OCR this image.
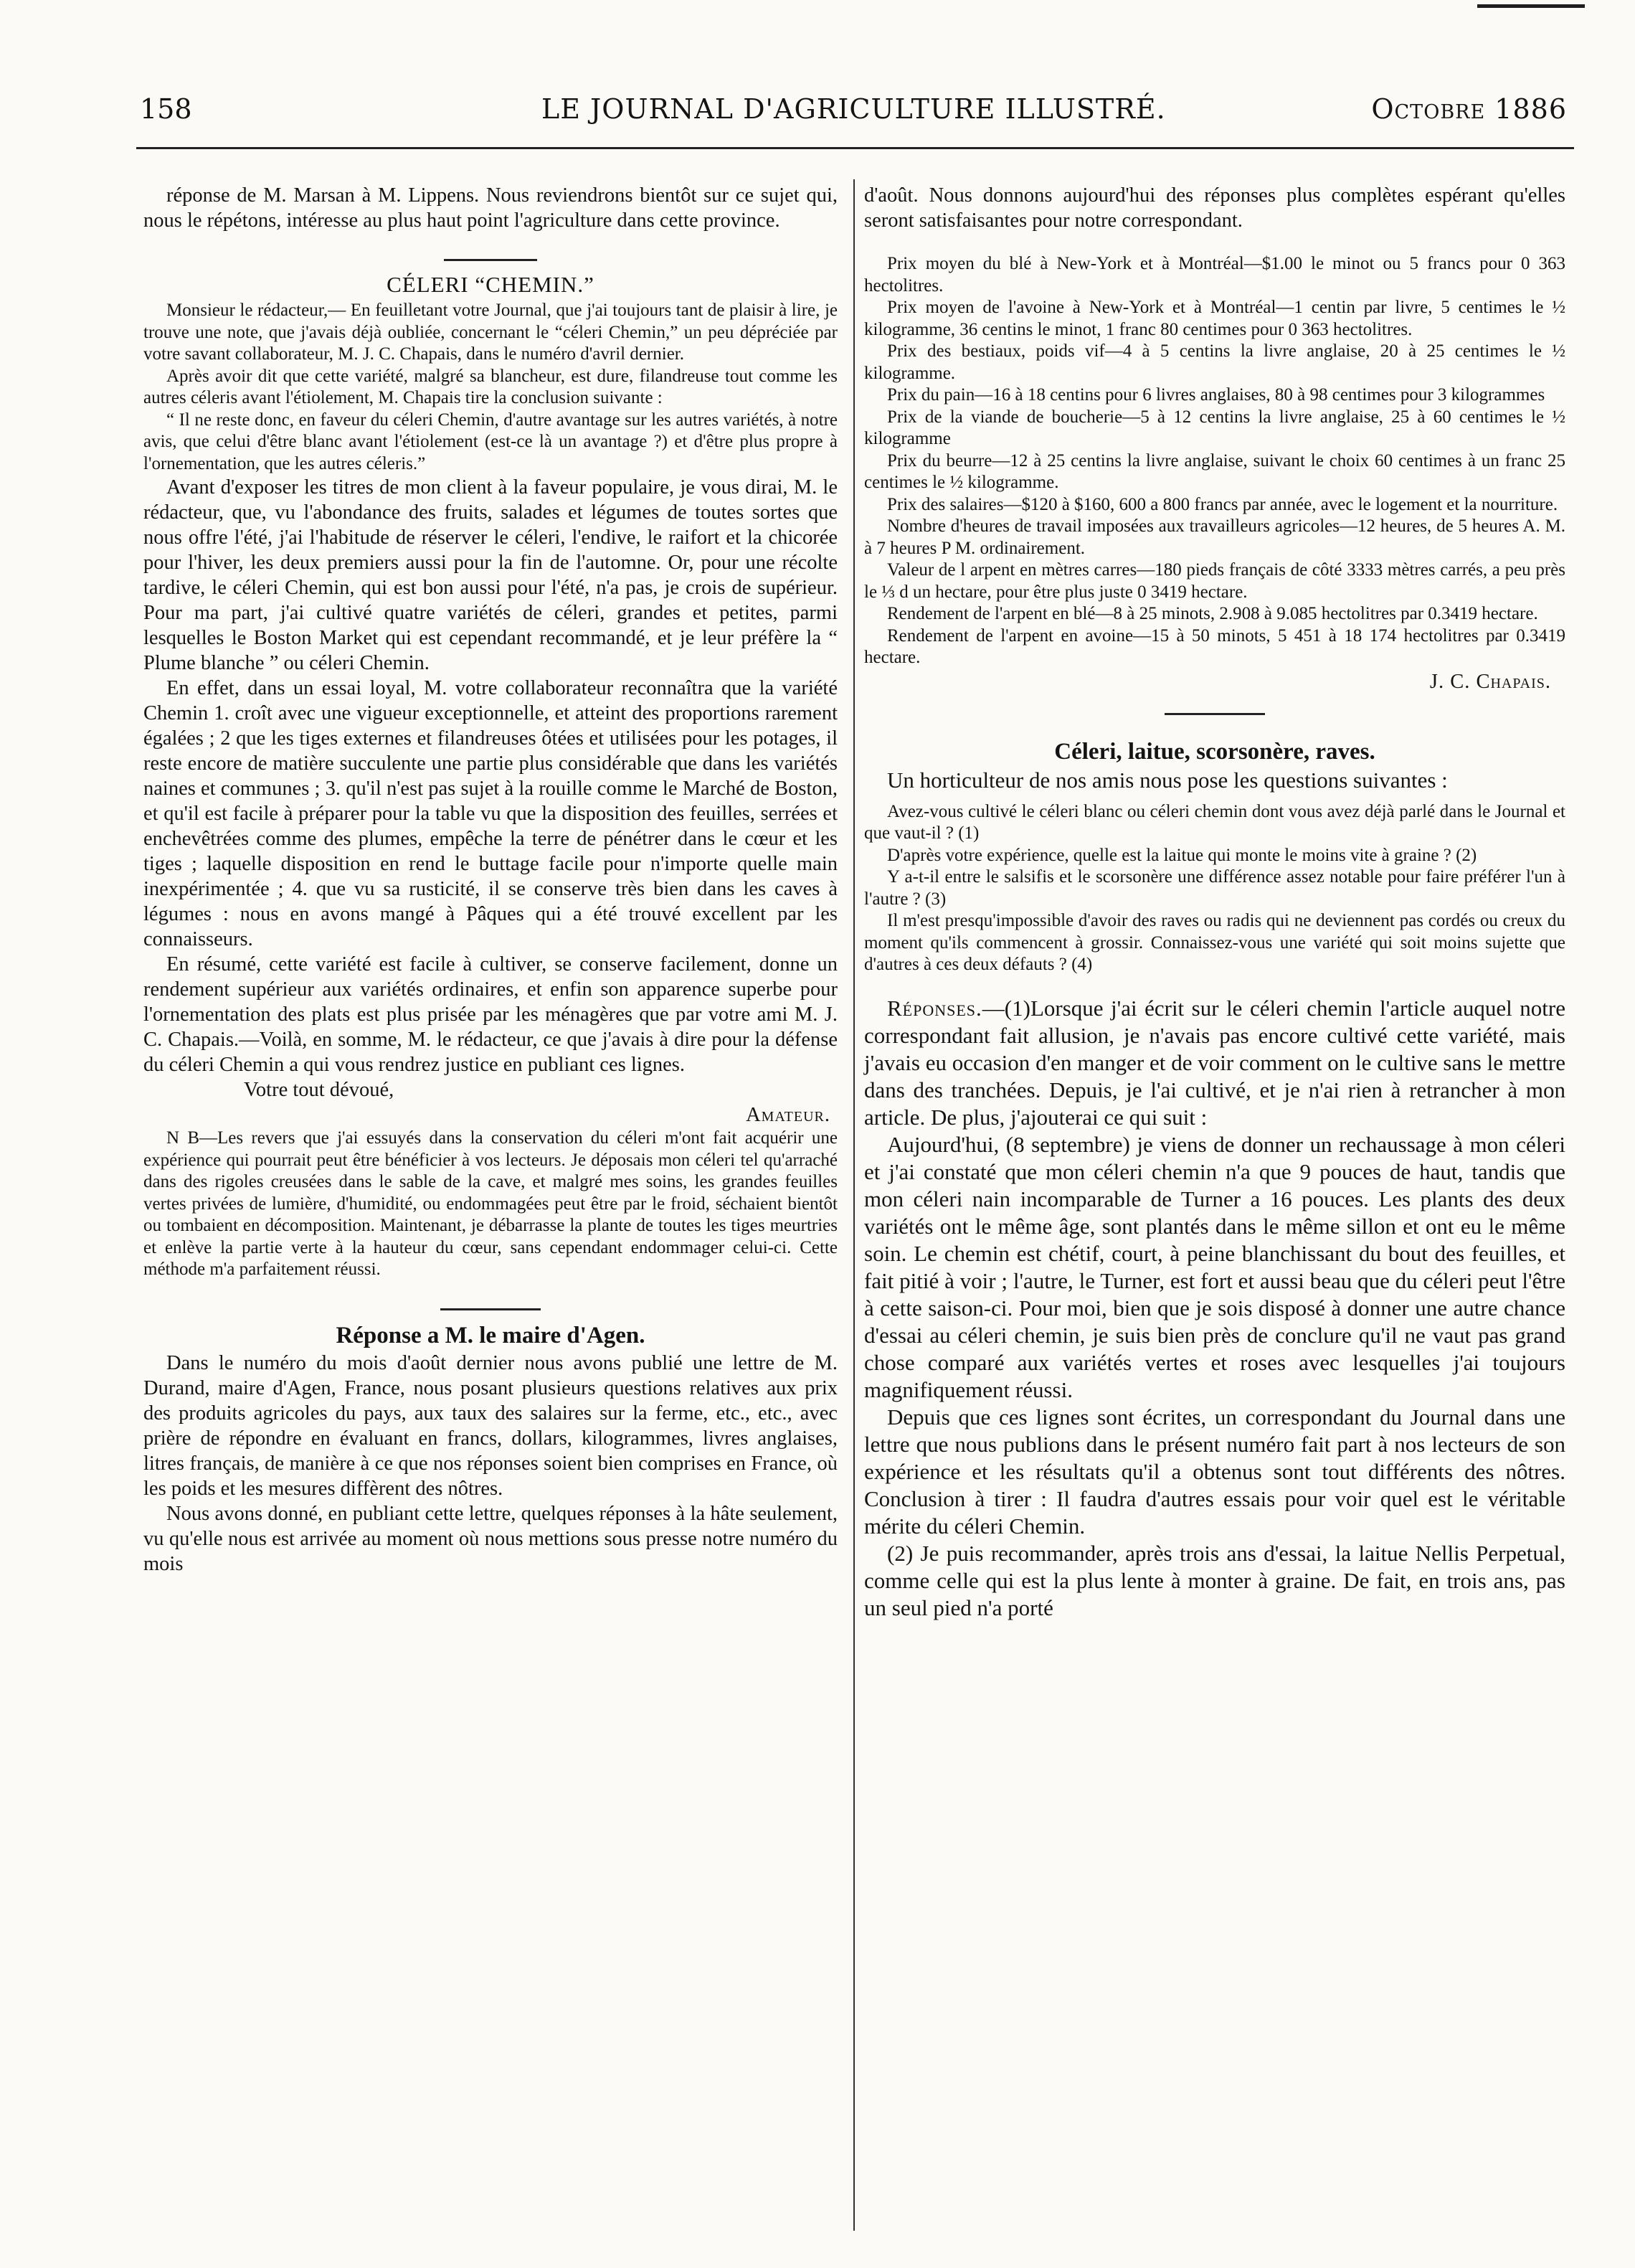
158	LE JOURNAL D'AGRICULTURE ILLUSTRÉ.	Octobre 1886

réponse de M. Marsan à M. Lippens. Nous reviendrons bientôt sur ce sujet qui, nous le répétons, intéresse au plus haut point l'agriculture dans cette province.

CÉLERI “CHEMIN.”

Monsieur le rédacteur,— En feuilletant votre Journal, que j'ai toujours tant de plaisir à lire, je trouve une note, que j'avais déjà oubliée, concernant le “céleri Chemin,” un peu dépréciée par votre savant collaborateur, M. J. C. Chapais, dans le numéro d'avril dernier.

Après avoir dit que cette variété, malgré sa blancheur, est dure, filandreuse tout comme les autres céleris avant l'étiolement, M. Chapais tire la conclusion suivante :

“ Il ne reste donc, en faveur du céleri Chemin, d'autre avantage sur les autres variétés, à notre avis, que celui d'être blanc avant l'étiolement (est-ce là un avantage ?) et d'être plus propre à l'ornementation, que les autres céleris.”

Avant d'exposer les titres de mon client à la faveur populaire, je vous dirai, M. le rédacteur, que, vu l'abondance des fruits, salades et légumes de toutes sortes que nous offre l'été, j'ai l'habitude de réserver le céleri, l'endive, le raifort et la chicorée pour l'hiver, les deux premiers aussi pour la fin de l'automne. Or, pour une récolte tardive, le céleri Chemin, qui est bon aussi pour l'été, n'a pas, je crois de supérieur. Pour ma part, j'ai cultivé quatre variétés de céleri, grandes et petites, parmi lesquelles le Boston Market qui est cependant recommandé, et je leur préfère la “ Plume blanche ” ou céleri Chemin.

En effet, dans un essai loyal, M. votre collaborateur reconnaîtra que la variété Chemin 1. croît avec une vigueur exceptionnelle, et atteint des proportions rarement égalées ; 2 que les tiges externes et filandreuses ôtées et utilisées pour les potages, il reste encore de matière succulente une partie plus considérable que dans les variétés naines et communes ; 3. qu'il n'est pas sujet à la rouille comme le Marché de Boston, et qu'il est facile à préparer pour la table vu que la disposition des feuilles, serrées et enchevêtrées comme des plumes, empêche la terre de pénétrer dans le cœur et les tiges ; laquelle disposition en rend le buttage facile pour n'importe quelle main inexpérimentée ; 4. que vu sa rusticité, il se conserve très bien dans les caves à légumes : nous en avons mangé à Pâques qui a été trouvé excellent par les connaisseurs.

En résumé, cette variété est facile à cultiver, se conserve facilement, donne un rendement supérieur aux variétés ordinaires, et enfin son apparence superbe pour l'ornementation des plats est plus prisée par les ménagères que par votre ami M. J. C. Chapais.—Voilà, en somme, M. le rédacteur, ce que j'avais à dire pour la défense du céleri Chemin a qui vous rendrez justice en publiant ces lignes.

Votre tout dévoué,

Amateur.

N B—Les revers que j'ai essuyés dans la conservation du céleri m'ont fait acquérir une expérience qui pourrait peut être bénéficier à vos lecteurs. Je déposais mon céleri tel qu'arraché dans des rigoles creusées dans le sable de la cave, et malgré mes soins, les grandes feuilles vertes privées de lumière, d'humidité, ou endommagées peut être par le froid, séchaient bientôt ou tombaient en décomposition. Maintenant, je débarrasse la plante de toutes les tiges meurtries et enlève la partie verte à la hauteur du cœur, sans cependant endommager celui-ci. Cette méthode m'a parfaitement réussi.

Réponse a M. le maire d'Agen.

Dans le numéro du mois d'août dernier nous avons publié une lettre de M. Durand, maire d'Agen, France, nous posant plusieurs questions relatives aux prix des produits agricoles du pays, aux taux des salaires sur la ferme, etc., etc., avec prière de répondre en évaluant en francs, dollars, kilogrammes, livres anglaises, litres français, de manière à ce que nos réponses soient bien comprises en France, où les poids et les mesures diffèrent des nôtres.

Nous avons donné, en publiant cette lettre, quelques réponses à la hâte seulement, vu qu'elle nous est arrivée au moment où nous mettions sous presse notre numéro du mois

d'août. Nous donnons aujourd'hui des réponses plus complètes espérant qu'elles seront satisfaisantes pour notre correspondant.

Prix moyen du blé à New-York et à Montréal—$1.00 le minot ou 5 francs pour 0 363 hectolitres.

Prix moyen de l'avoine à New-York et à Montréal—1 centin par livre, 5 centimes le ½ kilogramme, 36 centins le minot, 1 franc 80 centimes pour 0 363 hectolitres.

Prix des bestiaux, poids vif—4 à 5 centins la livre anglaise, 20 à 25 centimes le ½ kilogramme.

Prix du pain—16 à 18 centins pour 6 livres anglaises, 80 à 98 centimes pour 3 kilogrammes

Prix de la viande de boucherie—5 à 12 centins la livre anglaise, 25 à 60 centimes le ½ kilogramme

Prix du beurre—12 à 25 centins la livre anglaise, suivant le choix 60 centimes à un franc 25 centimes le ½ kilogramme.

Prix des salaires—$120 à $160, 600 a 800 francs par année, avec le logement et la nourriture.

Nombre d'heures de travail imposées aux travailleurs agricoles—12 heures, de 5 heures A. M. à 7 heures P M. ordinairement.

Valeur de l arpent en mètres carres—180 pieds français de côté 3333 mètres carrés, a peu près le ⅓ d un hectare, pour être plus juste 0 3419 hectare.

Rendement de l'arpent en blé—8 à 25 minots, 2.908 à 9.085 hectolitres par 0.3419 hectare.

Rendement de l'arpent en avoine—15 à 50 minots, 5 451 à 18 174 hectolitres par 0.3419 hectare.

J. C. Chapais.

Céleri, laitue, scorsonère, raves.

Un horticulteur de nos amis nous pose les questions suivantes :

Avez-vous cultivé le céleri blanc ou céleri chemin dont vous avez déjà parlé dans le Journal et que vaut-il ? (1)

D'après votre expérience, quelle est la laitue qui monte le moins vite à graine ? (2)

Y a-t-il entre le salsifis et le scorsonère une différence assez notable pour faire préférer l'un à l'autre ? (3)

Il m'est presqu'impossible d'avoir des raves ou radis qui ne deviennent pas cordés ou creux du moment qu'ils commencent à grossir. Connaissez-vous une variété qui soit moins sujette que d'autres à ces deux défauts ? (4)

Réponses.—(1)Lorsque j'ai écrit sur le céleri chemin l'article auquel notre correspondant fait allusion, je n'avais pas encore cultivé cette variété, mais j'avais eu occasion d'en manger et de voir comment on le cultive sans le mettre dans des tranchées. Depuis, je l'ai cultivé, et je n'ai rien à retrancher à mon article. De plus, j'ajouterai ce qui suit :

Aujourd'hui, (8 septembre) je viens de donner un rechaussage à mon céleri et j'ai constaté que mon céleri chemin n'a que 9 pouces de haut, tandis que mon céleri nain incomparable de Turner a 16 pouces. Les plants des deux variétés ont le même âge, sont plantés dans le même sillon et ont eu le même soin. Le chemin est chétif, court, à peine blanchissant du bout des feuilles, et fait pitié à voir ; l'autre, le Turner, est fort et aussi beau que du céleri peut l'être à cette saison-ci. Pour moi, bien que je sois disposé à donner une autre chance d'essai au céleri chemin, je suis bien près de conclure qu'il ne vaut pas grand chose comparé aux variétés vertes et roses avec lesquelles j'ai toujours magnifiquement réussi.

Depuis que ces lignes sont écrites, un correspondant du Journal dans une lettre que nous publions dans le présent numéro fait part à nos lecteurs de son expérience et les résultats qu'il a obtenus sont tout différents des nôtres. Conclusion à tirer : Il faudra d'autres essais pour voir quel est le véritable mérite du céleri Chemin.

(2) Je puis recommander, après trois ans d'essai, la laitue Nellis Perpetual, comme celle qui est la plus lente à monter à graine. De fait, en trois ans, pas un seul pied n'a porté
